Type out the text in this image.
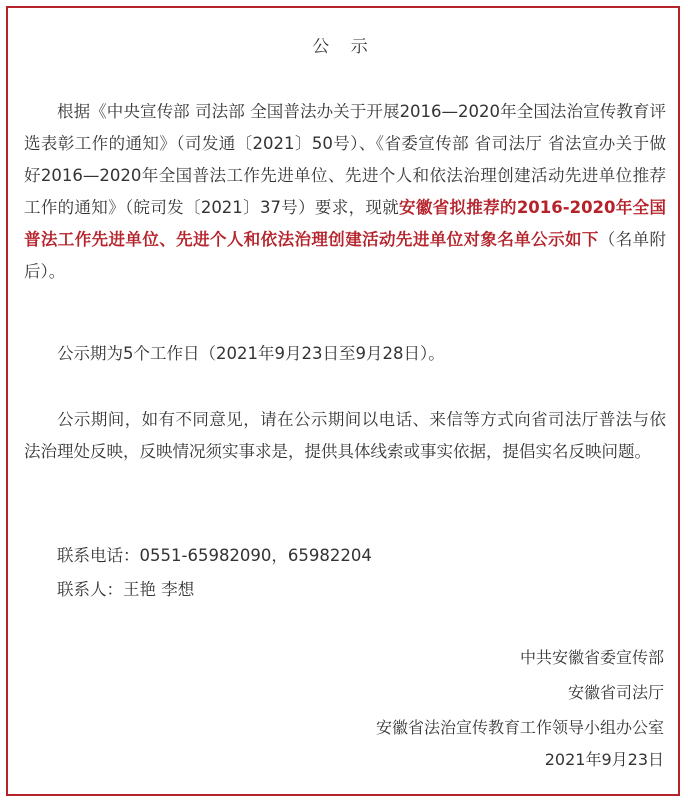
公 示

根据《中央宣传部 司法部 全国普法办关于开展2016—2020年全国法治宣传教育评选表彰工作的通知》（司发通〔2021〕50号）、《省委宣传部 省司法厅 省法宣办关于做好2016—2020年全国普法工作先进单位、先进个人和依法治理创建活动先进单位推荐工作的通知》（皖司发〔2021〕37号）要求，现就安徽省拟推荐的2016-2020年全国普法工作先进单位、先进个人和依法治理创建活动先进单位对象名单公示如下（名单附后）。

公示期为5个工作日（2021年9月23日至9月28日）。

公示期间，如有不同意见，请在公示期间以电话、来信等方式向省司法厅普法与依法治理处反映，反映情况须实事求是，提供具体线索或事实依据，提倡实名反映问题。

联系电话：0551-65982090，65982204
联系人：王艳 李想
中共安徽省委宣传部
安徽省司法厅
安徽省法治宣传教育工作领导小组办公室
2021年9月23日
